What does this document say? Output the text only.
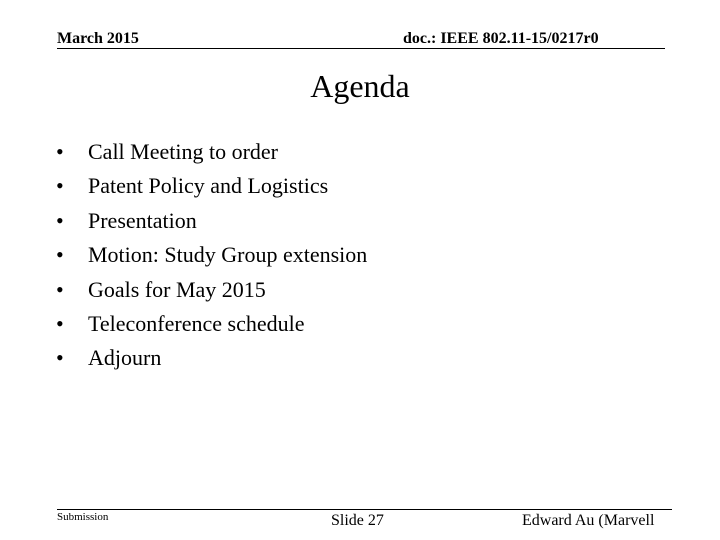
March 2015	doc.: IEEE 802.11-15/0217r0
Agenda
•	Call Meeting to order
•	Patent Policy and Logistics
•	Presentation
•	Motion: Study Group extension
•	Goals for May 2015
•	Teleconference schedule
•	Adjourn
Submission	Slide 27	Edward Au (Marvell
